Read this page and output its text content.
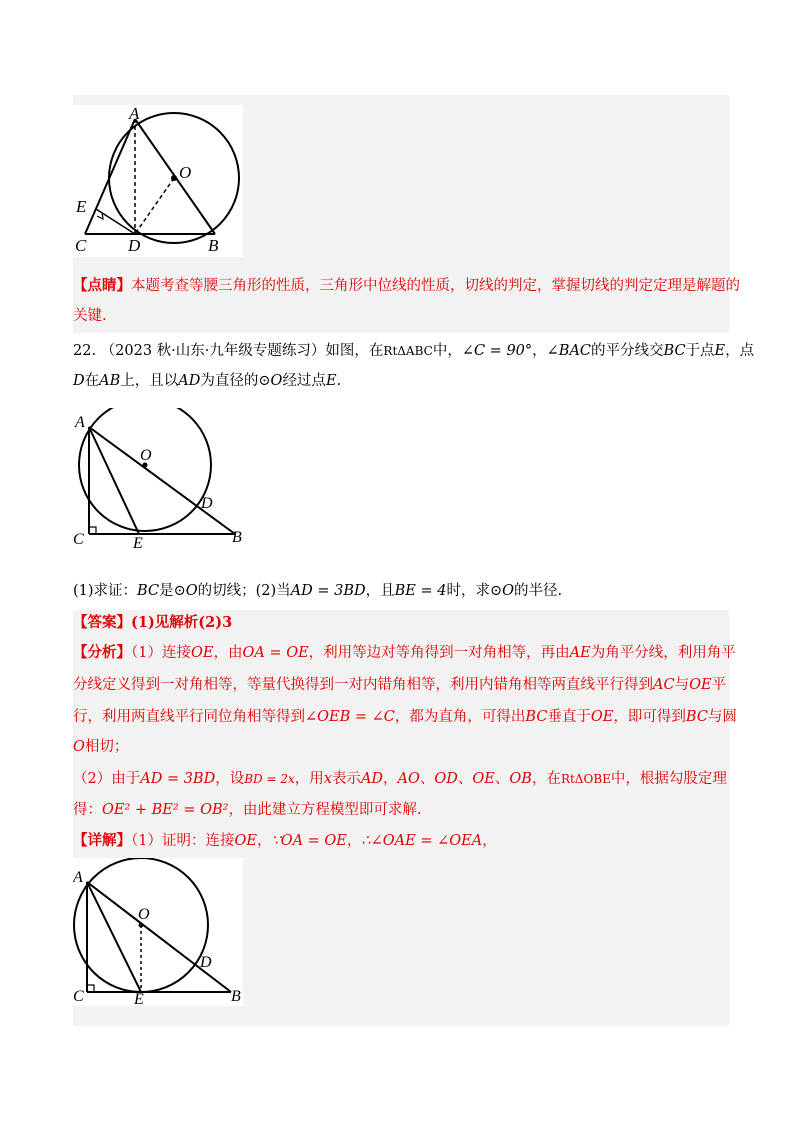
A
O
E
C D	B
【点睛】本题考查等腰三角形的性质，三角形中位线的性质，切线的判定，掌握切线的判定定理是解题的
关键.
22. （2023 秋·山东·九年级专题练习）如图，在RtΔABC中，∠C = 90°，∠BAC的平分线交BC于点E，点
D在AB上，且以AD为直径的⊙O经过点E.
A
O
D
C	E	B
(1)求证：BC是⊙O的切线；(2)当AD = 3BD，且BE = 4时，求⊙O的半径.
【答案】(1)见解析(2)3
【分析】（1）连接OE，由OA = OE，利用等边对等角得到一对角相等，再由AE为角平分线，利用角平
分线定义得到一对角相等，等量代换得到一对内错角相等，利用内错角相等两直线平行得到AC与OE平
行，利用两直线平行同位角相等得到∠OEB = ∠C，都为直角，可得出BC垂直于OE，即可得到BC与圆
O相切；
（2）由于AD = 3BD，设BD = 2x，用x表示AD，AO、OD、OE、OB，在RtΔOBE中，根据勾股定理
得：OE² + BE² = OB²，由此建立方程模型即可求解.
【详解】（1）证明：连接OE，∵OA = OE，∴∠OAE = ∠OEA，
A
O
D
C	E	B
